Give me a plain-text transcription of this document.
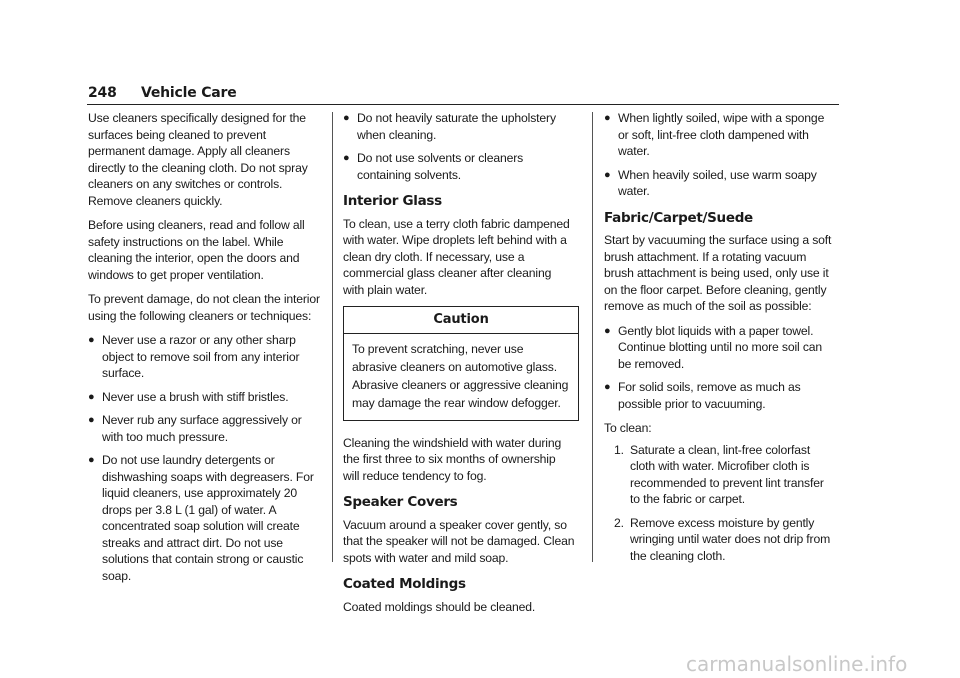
248 Vehicle Care

Use cleaners specifically designed for the surfaces being cleaned to prevent permanent damage. Apply all cleaners directly to the cleaning cloth. Do not spray cleaners on any switches or controls. Remove cleaners quickly.

Before using cleaners, read and follow all safety instructions on the label. While cleaning the interior, open the doors and windows to get proper ventilation.

To prevent damage, do not clean the interior using the following cleaners or techniques:

● Never use a razor or any other sharp object to remove soil from any interior surface.
● Never use a brush with stiff bristles.
● Never rub any surface aggressively or with too much pressure.
● Do not use laundry detergents or dishwashing soaps with degreasers. For liquid cleaners, use approximately 20 drops per 3.8 L (1 gal) of water. A concentrated soap solution will create streaks and attract dirt. Do not use solutions that contain strong or caustic soap.
● Do not heavily saturate the upholstery when cleaning.
● Do not use solvents or cleaners containing solvents.
Interior Glass

To clean, use a terry cloth fabric dampened with water. Wipe droplets left behind with a clean dry cloth. If necessary, use a commercial glass cleaner after cleaning with plain water.

Caution
To prevent scratching, never use abrasive cleaners on automotive glass. Abrasive cleaners or aggressive cleaning may damage the rear window defogger.

Cleaning the windshield with water during the first three to six months of ownership will reduce tendency to fog.

Speaker Covers

Vacuum around a speaker cover gently, so that the speaker will not be damaged. Clean spots with water and mild soap.

Coated Moldings

Coated moldings should be cleaned.

● When lightly soiled, wipe with a sponge or soft, lint-free cloth dampened with water.
● When heavily soiled, use warm soapy water.
Fabric/Carpet/Suede

Start by vacuuming the surface using a soft brush attachment. If a rotating vacuum brush attachment is being used, only use it on the floor carpet. Before cleaning, gently remove as much of the soil as possible:

● Gently blot liquids with a paper towel. Continue blotting until no more soil can be removed.
● For solid soils, remove as much as possible prior to vacuuming.

To clean:

1. Saturate a clean, lint-free colorfast cloth with water. Microfiber cloth is recommended to prevent lint transfer to the fabric or carpet.
2. Remove excess moisture by gently wringing until water does not drip from the cleaning cloth.
carmanualsonline.info
